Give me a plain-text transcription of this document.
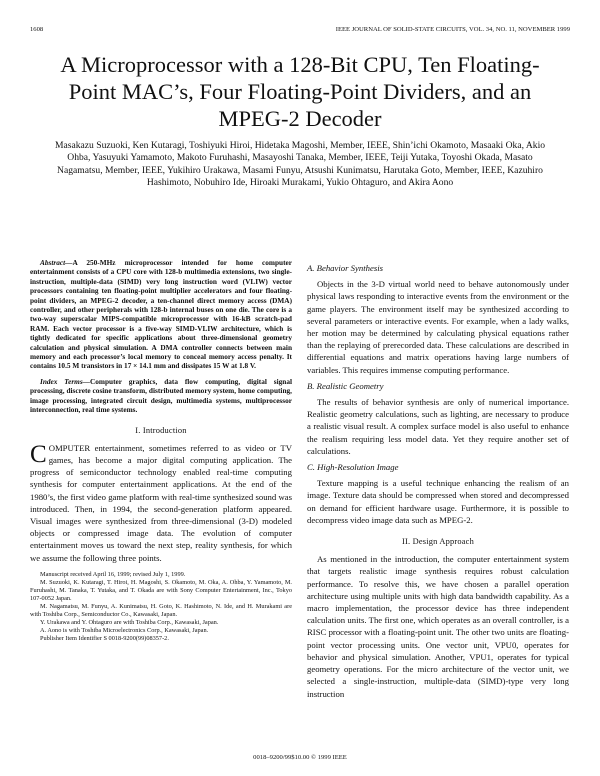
1608	IEEE JOURNAL OF SOLID-STATE CIRCUITS, VOL. 34, NO. 11, NOVEMBER 1999
A Microprocessor with a 128-Bit CPU, Ten Floating-Point MAC’s, Four Floating-Point Dividers, and an MPEG-2 Decoder
Masakazu Suzuoki, Ken Kutaragi, Toshiyuki Hiroi, Hidetaka Magoshi, Member, IEEE, Shin’ichi Okamoto, Masaaki Oka, Akio Ohba, Yasuyuki Yamamoto, Makoto Furuhashi, Masayoshi Tanaka, Member, IEEE, Teiji Yutaka, Toyoshi Okada, Masato Nagamatsu, Member, IEEE, Yukihiro Urakawa, Masami Funyu, Atsushi Kunimatsu, Harutaka Goto, Member, IEEE, Kazuhiro Hashimoto, Nobuhiro Ide, Hiroaki Murakami, Yukio Ohtaguro, and Akira Aono

Abstract—A 250-MHz microprocessor intended for home computer entertainment consists of a CPU core with 128-b multimedia extensions, two single-instruction, multiple-data (SIMD) very long instruction word (VLIW) vector processors containing ten floating-point multiplier accelerators and four floating-point dividers, an MPEG-2 decoder, a ten-channel direct memory access (DMA) controller, and other peripherals with 128-b internal buses on one die. The core is a two-way superscalar MIPS-compatible microprocessor with 16-kB scratch-pad RAM. Each vector processor is a five-way SIMD-VLIW architecture, which is tightly dedicated for specific applications about three-dimensional geometry calculation and physical simulation. A DMA controller connects between main memory and each processor’s local memory to conceal memory access penalty. It contains 10.5 M transistors in 17 × 14.1 mm and dissipates 15 W at 1.8 V.

Index Terms—Computer graphics, data flow computing, digital signal processing, discrete cosine transform, distributed memory system, home computing, image processing, integrated circuit design, multimedia systems, multiprocessor interconnection, real time systems.

I. Introduction

COMPUTER entertainment, sometimes referred to as video or TV games, has become a major digital computing application. The progress of semiconductor technology enabled real-time computing synthesis for computer entertainment applications. At the end of the 1980’s, the first video game platform with real-time synthesized sound was introduced. Then, in 1994, the second-generation platform appeared. Visual images were synthesized from three-dimensional (3-D) modeled objects or compressed image data. The evolution of computer entertainment moves us toward the next step, reality synthesis, for which we assume the following three points.

Manuscript received April 16, 1999; revised July 1, 1999.

M. Suzuoki, K. Kutaragi, T. Hiroi, H. Magoshi, S. Okamoto, M. Oka, A. Ohba, Y. Yamamoto, M. Furuhashi, M. Tanaka, T. Yutaka, and T. Okada are with Sony Computer Entertainment, Inc., Tokyo 107-0052 Japan.

M. Nagamatsu, M. Funyu, A. Kunimatsu, H. Goto, K. Hashimoto, N. Ide, and H. Murakami are with Toshiba Corp., Semiconductor Co., Kawasaki, Japan.

Y. Urakawa and Y. Ohtaguro are with Toshiba Corp., Kawasaki, Japan.

A. Aono is with Toshiba Microelectronics Corp., Kawasaki, Japan.

Publisher Item Identifier S 0018-9200(99)08357-2.

A. Behavior Synthesis

Objects in the 3-D virtual world need to behave autonomously under physical laws responding to interactive events from the environment or the game players. The environment itself may be synthesized according to several parameters or interactive events. For example, when a lady walks, her motion may be determined by calculating physical equations rather than the replaying of prerecorded data. These calculations are described in differential equations and matrix operations having large numbers of variables. This requires immense computing performance.

B. Realistic Geometry

The results of behavior synthesis are only of numerical importance. Realistic geometry calculations, such as lighting, are necessary to produce a realistic visual result. A complex surface model is also useful to enhance the realism requiring less model data. Yet they require another set of calculations.

C. High-Resolution Image

Texture mapping is a useful technique enhancing the realism of an image. Texture data should be compressed when stored and decompressed on demand for efficient hardware usage. Furthermore, it is possible to decompress video image data such as MPEG-2.

II. Design Approach

As mentioned in the introduction, the computer entertainment system that targets realistic image synthesis requires robust calculation performance. To resolve this, we have chosen a parallel operation architecture using multiple units with high data bandwidth capability. As a macro implementation, the processor device has three independent calculation units. The first one, which operates as an overall controller, is a RISC processor with a floating-point unit. The other two units are floating-point vector processing units. One vector unit, VPU0, operates for behavior and physical simulation. Another, VPU1, operates for typical geometry operations. For the micro architecture of the vector unit, we selected a single-instruction, multiple-data (SIMD)-type very long instruction

0018–9200/99$10.00 © 1999 IEEE
